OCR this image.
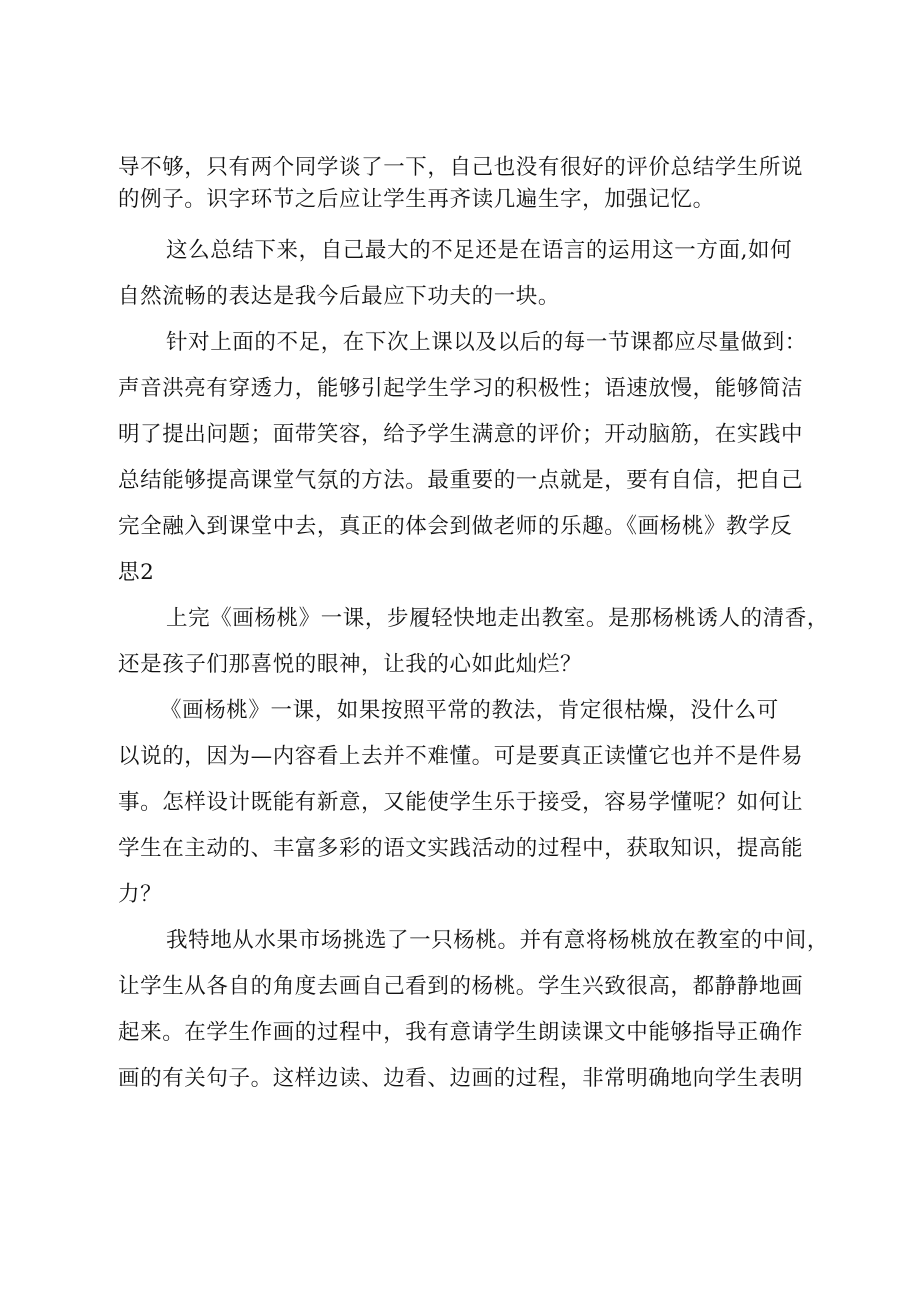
导不够，只有两个同学谈了一下，自己也没有很好的评价总结学生所说
的例子。识字环节之后应让学生再齐读几遍生字，加强记忆。

这么总结下来，自己最大的不足还是在语言的运用这一方面,如何
自然流畅的表达是我今后最应下功夫的一块。

针对上面的不足，在下次上课以及以后的每一节课都应尽量做到：
声音洪亮有穿透力，能够引起学生学习的积极性；语速放慢，能够简洁
明了提出问题；面带笑容，给予学生满意的评价；开动脑筋，在实践中
总结能够提高课堂气氛的方法。最重要的一点就是，要有自信，把自己
完全融入到课堂中去，真正的体会到做老师的乐趣。《画杨桃》教学反
思2

上完《画杨桃》一课，步履轻快地走出教室。是那杨桃诱人的清香，
还是孩子们那喜悦的眼神，让我的心如此灿烂？

《画杨桃》一课，如果按照平常的教法，肯定很枯燥，没什么可
以说的，因为—内容看上去并不难懂。可是要真正读懂它也并不是件易
事。怎样设计既能有新意，又能使学生乐于接受，容易学懂呢？如何让
学生在主动的、丰富多彩的语文实践活动的过程中，获取知识，提高能
力？

我特地从水果市场挑选了一只杨桃。并有意将杨桃放在教室的中间，
让学生从各自的角度去画自己看到的杨桃。学生兴致很高，都静静地画
起来。在学生作画的过程中，我有意请学生朗读课文中能够指导正确作
画的有关句子。这样边读、边看、边画的过程，非常明确地向学生表明
